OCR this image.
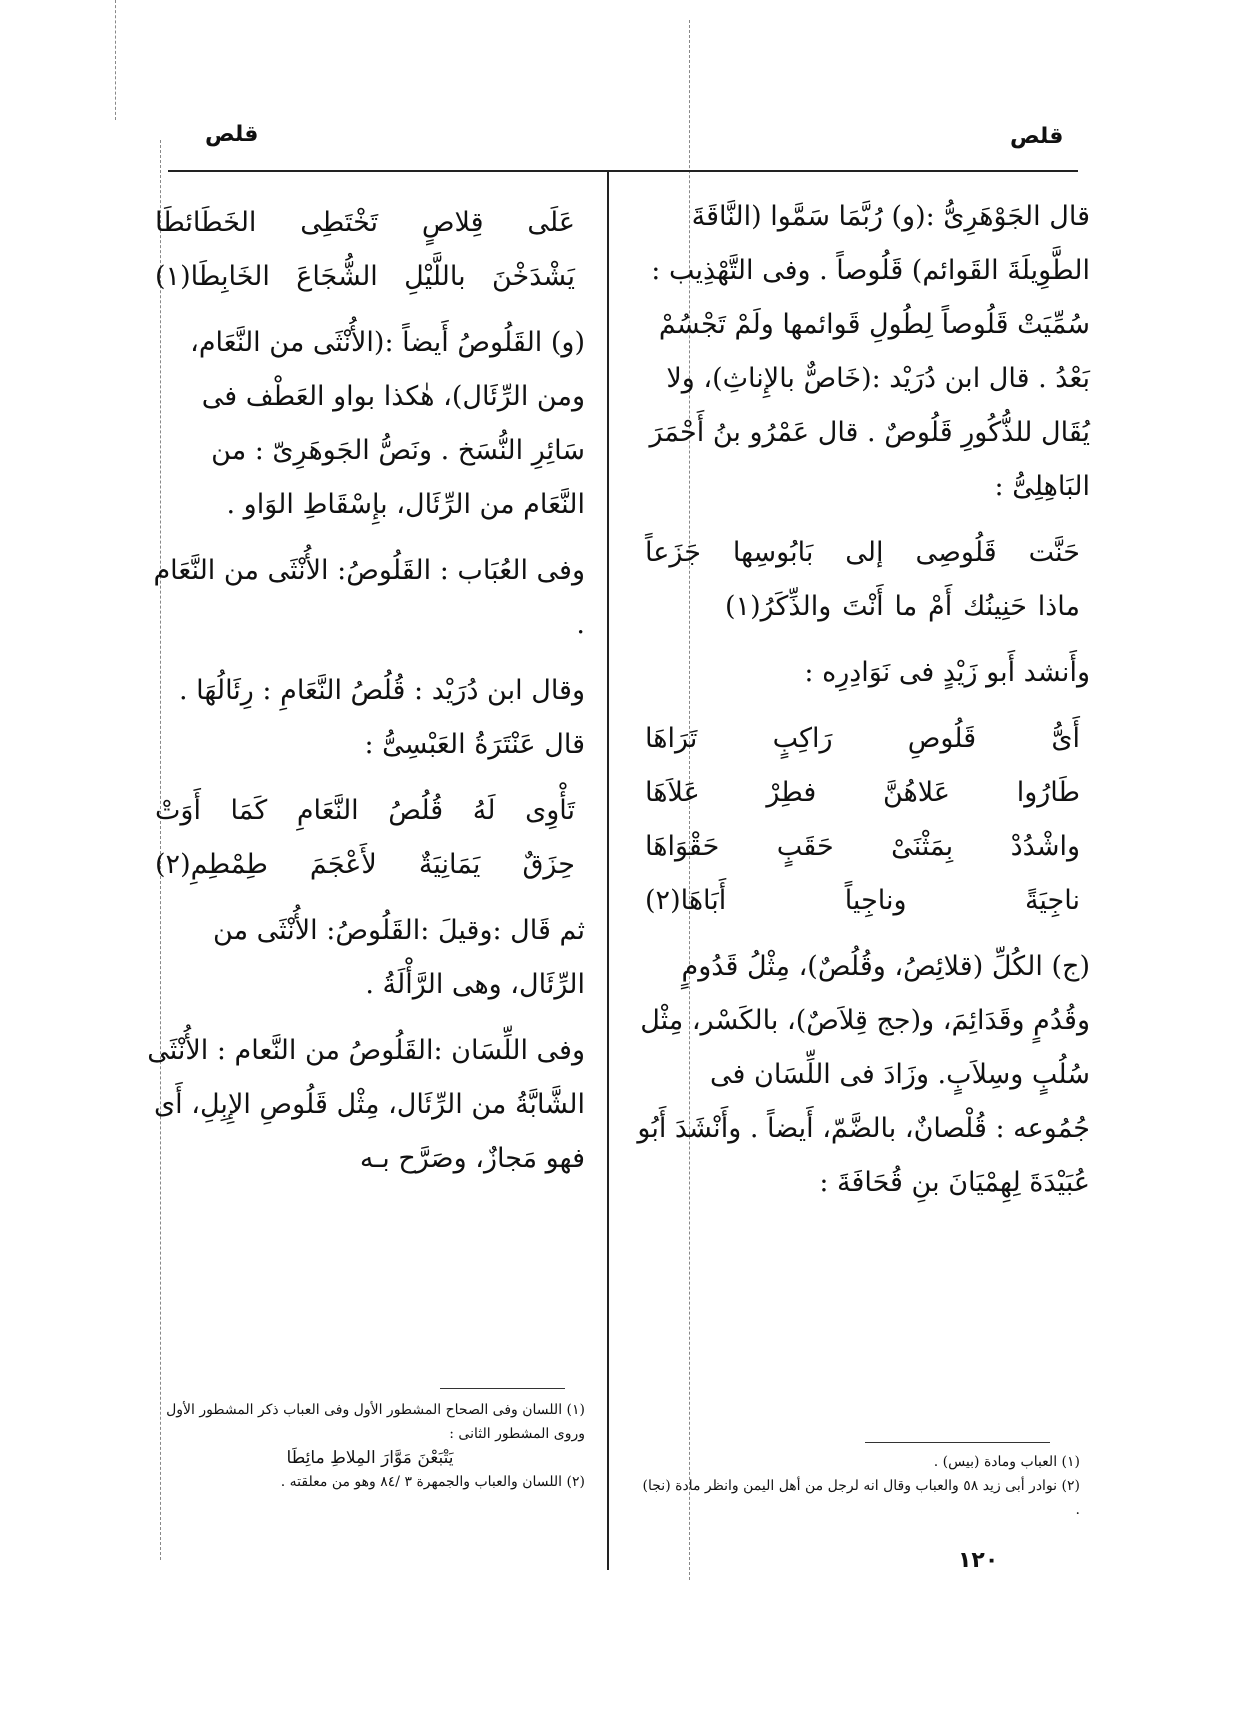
قلص	قلص

قال الجَوْهَرِىُّ :(و) رُبَّمَا سَمَّوا (النَّاقَةَ الطَّوِيلَةَ القَوائم) قَلُوصاً . وفى التَّهْذِيب : سُمِّيَتْ قَلُوصاً لِطُولِ قَوائمها ولَمْ تَجْسُمْ بَعْدُ . قال ابن دُرَيْد :(خَاصٌّ بالإِناثِ)، ولا يُقَال للذُّكُورِ قَلُوصٌ . قال عَمْرُو بنُ أَحْمَرَ البَاهِلِىُّ :

حَنَّت قَلُوصِى إلى بَابُوسِها جَزَعاً
ماذا حَنِينُك أَمْ ما أَنْتَ والذِّكَرُ(١)

وأَنشد أَبو زَيْدٍ فى نَوَادِرِه :

أَىُّ قَلُوصِ رَاكِبٍ تَرَاهَا
طَارُوا عَلاهُنَّ فطِرْ عَلاَهَا
واشْدُدْ بِمَثْنَىْ حَقَبٍ حَقْوَاهَا
ناجِيَةً وناجِياً أَبَاهَا(٢)

(ج) الكُلِّ (قلائِصُ، وقُلُصٌ)، مِثْلُ قَدُومٍ وقُدُمٍ وقَدَائِمَ، و(جج قِلاَصٌ)، بالكَسْر، مِثْل سُلُبٍ وسِلاَبٍ. وزَادَ فى اللِّسَان فى جُمُوعه : قُلْصانٌ، بالضَّمّ، أَيضاً . وأَنْشَدَ أَبُو عُبَيْدَةَ لِهِمْيَانَ بنِ قُحَافَةَ :

عَلَى قِلاصٍ تَخْتَطِى الخَطَائطَا
يَشْدَخْنَ باللَّيْلِ الشُّجَاعَ الخَابِطَا(١)

(و) القَلُوصُ أَيضاً :(الأُنْثَى من النَّعَام، ومن الرِّئَال)، هٰكذا بواو العَطْف فى سَائِرِ النُّسَخ . ونَصُّ الجَوهَرِىّ : من النَّعَام من الرِّئَال، بإِسْقَاطِ الوَاو .

وفى العُبَاب : القَلُوصُ: الأُنْثَى من النَّعَام .

وقال ابن دُرَيْد : قُلُصُ النَّعَامِ : رِئَالُهَا . قال عَنْتَرَةُ العَبْسِىُّ :

تَأْوِى لَهُ قُلُصُ النَّعَامِ كَمَا أَوَتْ
حِزَقٌ يَمَانِيَةٌ لأَعْجَمَ طِمْطِمِ(٢)

ثم قَال :وقيلَ :القَلُوصُ: الأُنْثَى من الرِّئَال، وهى الرَّأْلَةُ .

وفى اللِّسَان :القَلُوصُ من النَّعام : الأُنْثَى الشَّابَّةُ من الرِّئَال، مِثْل قَلُوصِ الإِبِلِ، أَى فهو مَجازٌ، وصَرَّح بـه

(١) اللسان وفى الصحاح المشطور الأول وفى العباب ذكر المشطور الأول وروى المشطور الثانى :
يَتْبَعْنَ مَوَّارَ المِلاطِ مائِطَا
(٢) اللسان والعباب والجمهرة ٣ /٨٤ وهو من معلقته .
(١) العباب ومادة (بيس) .
(٢) نوادر أبى زيد ٥٨ والعباب وقال انه لرجل من أهل اليمن وانظر مادة (نجا) .
١٢٠
